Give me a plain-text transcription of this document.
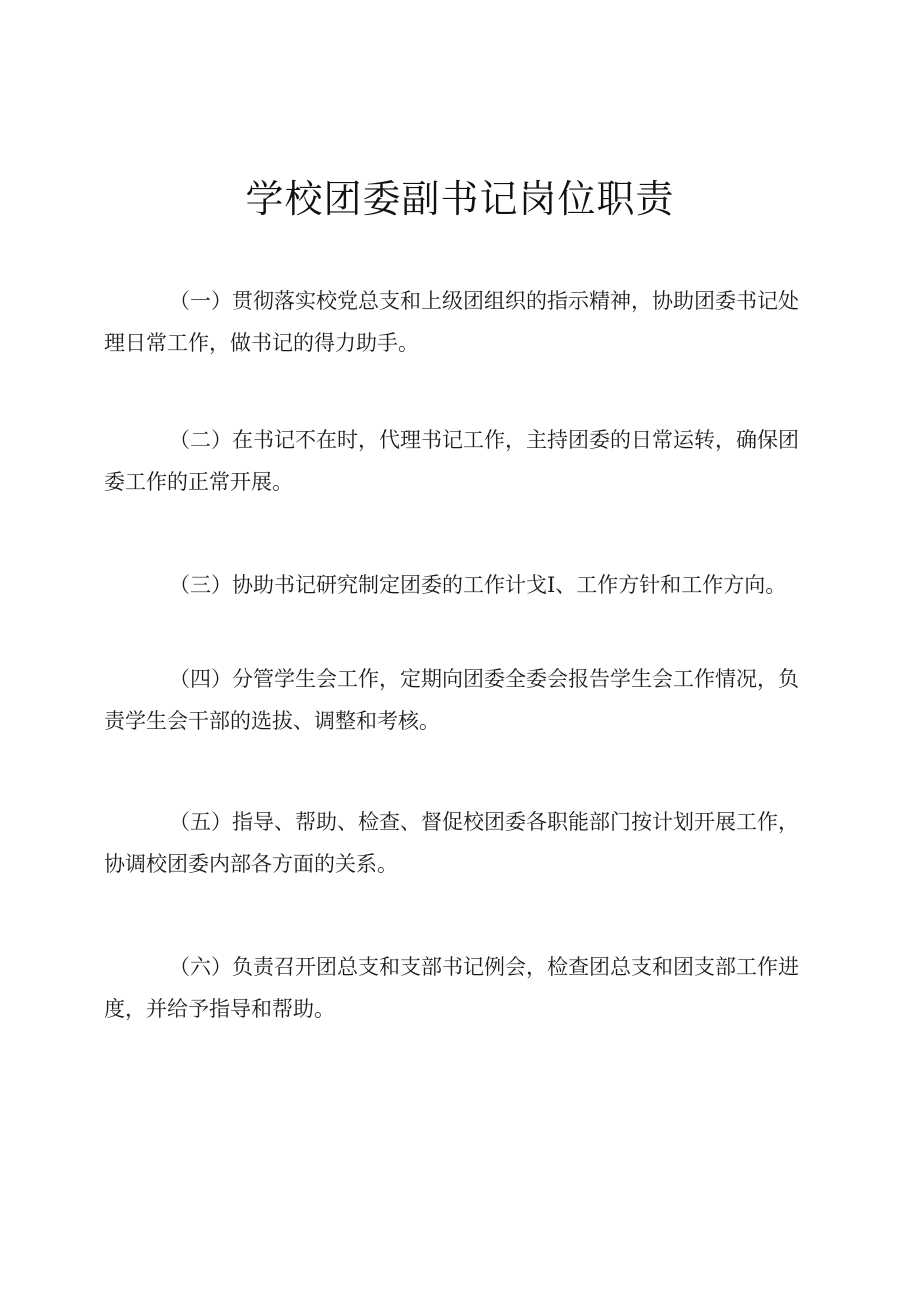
学校团委副书记岗位职责

（一）贯彻落实校党总支和上级团组织的指示精神，协助团委书记处理日常工作，做书记的得力助手。

（二）在书记不在时，代理书记工作，主持团委的日常运转，确保团委工作的正常开展。

（三）协助书记研究制定团委的工作计戈I、工作方针和工作方向。

（四）分管学生会工作，定期向团委全委会报告学生会工作情况，负责学生会干部的选拔、调整和考核。

（五）指导、帮助、检查、督促校团委各职能部门按计划开展工作，协调校团委内部各方面的关系。

（六）负责召开团总支和支部书记例会，检查团总支和团支部工作进度，并给予指导和帮助。
